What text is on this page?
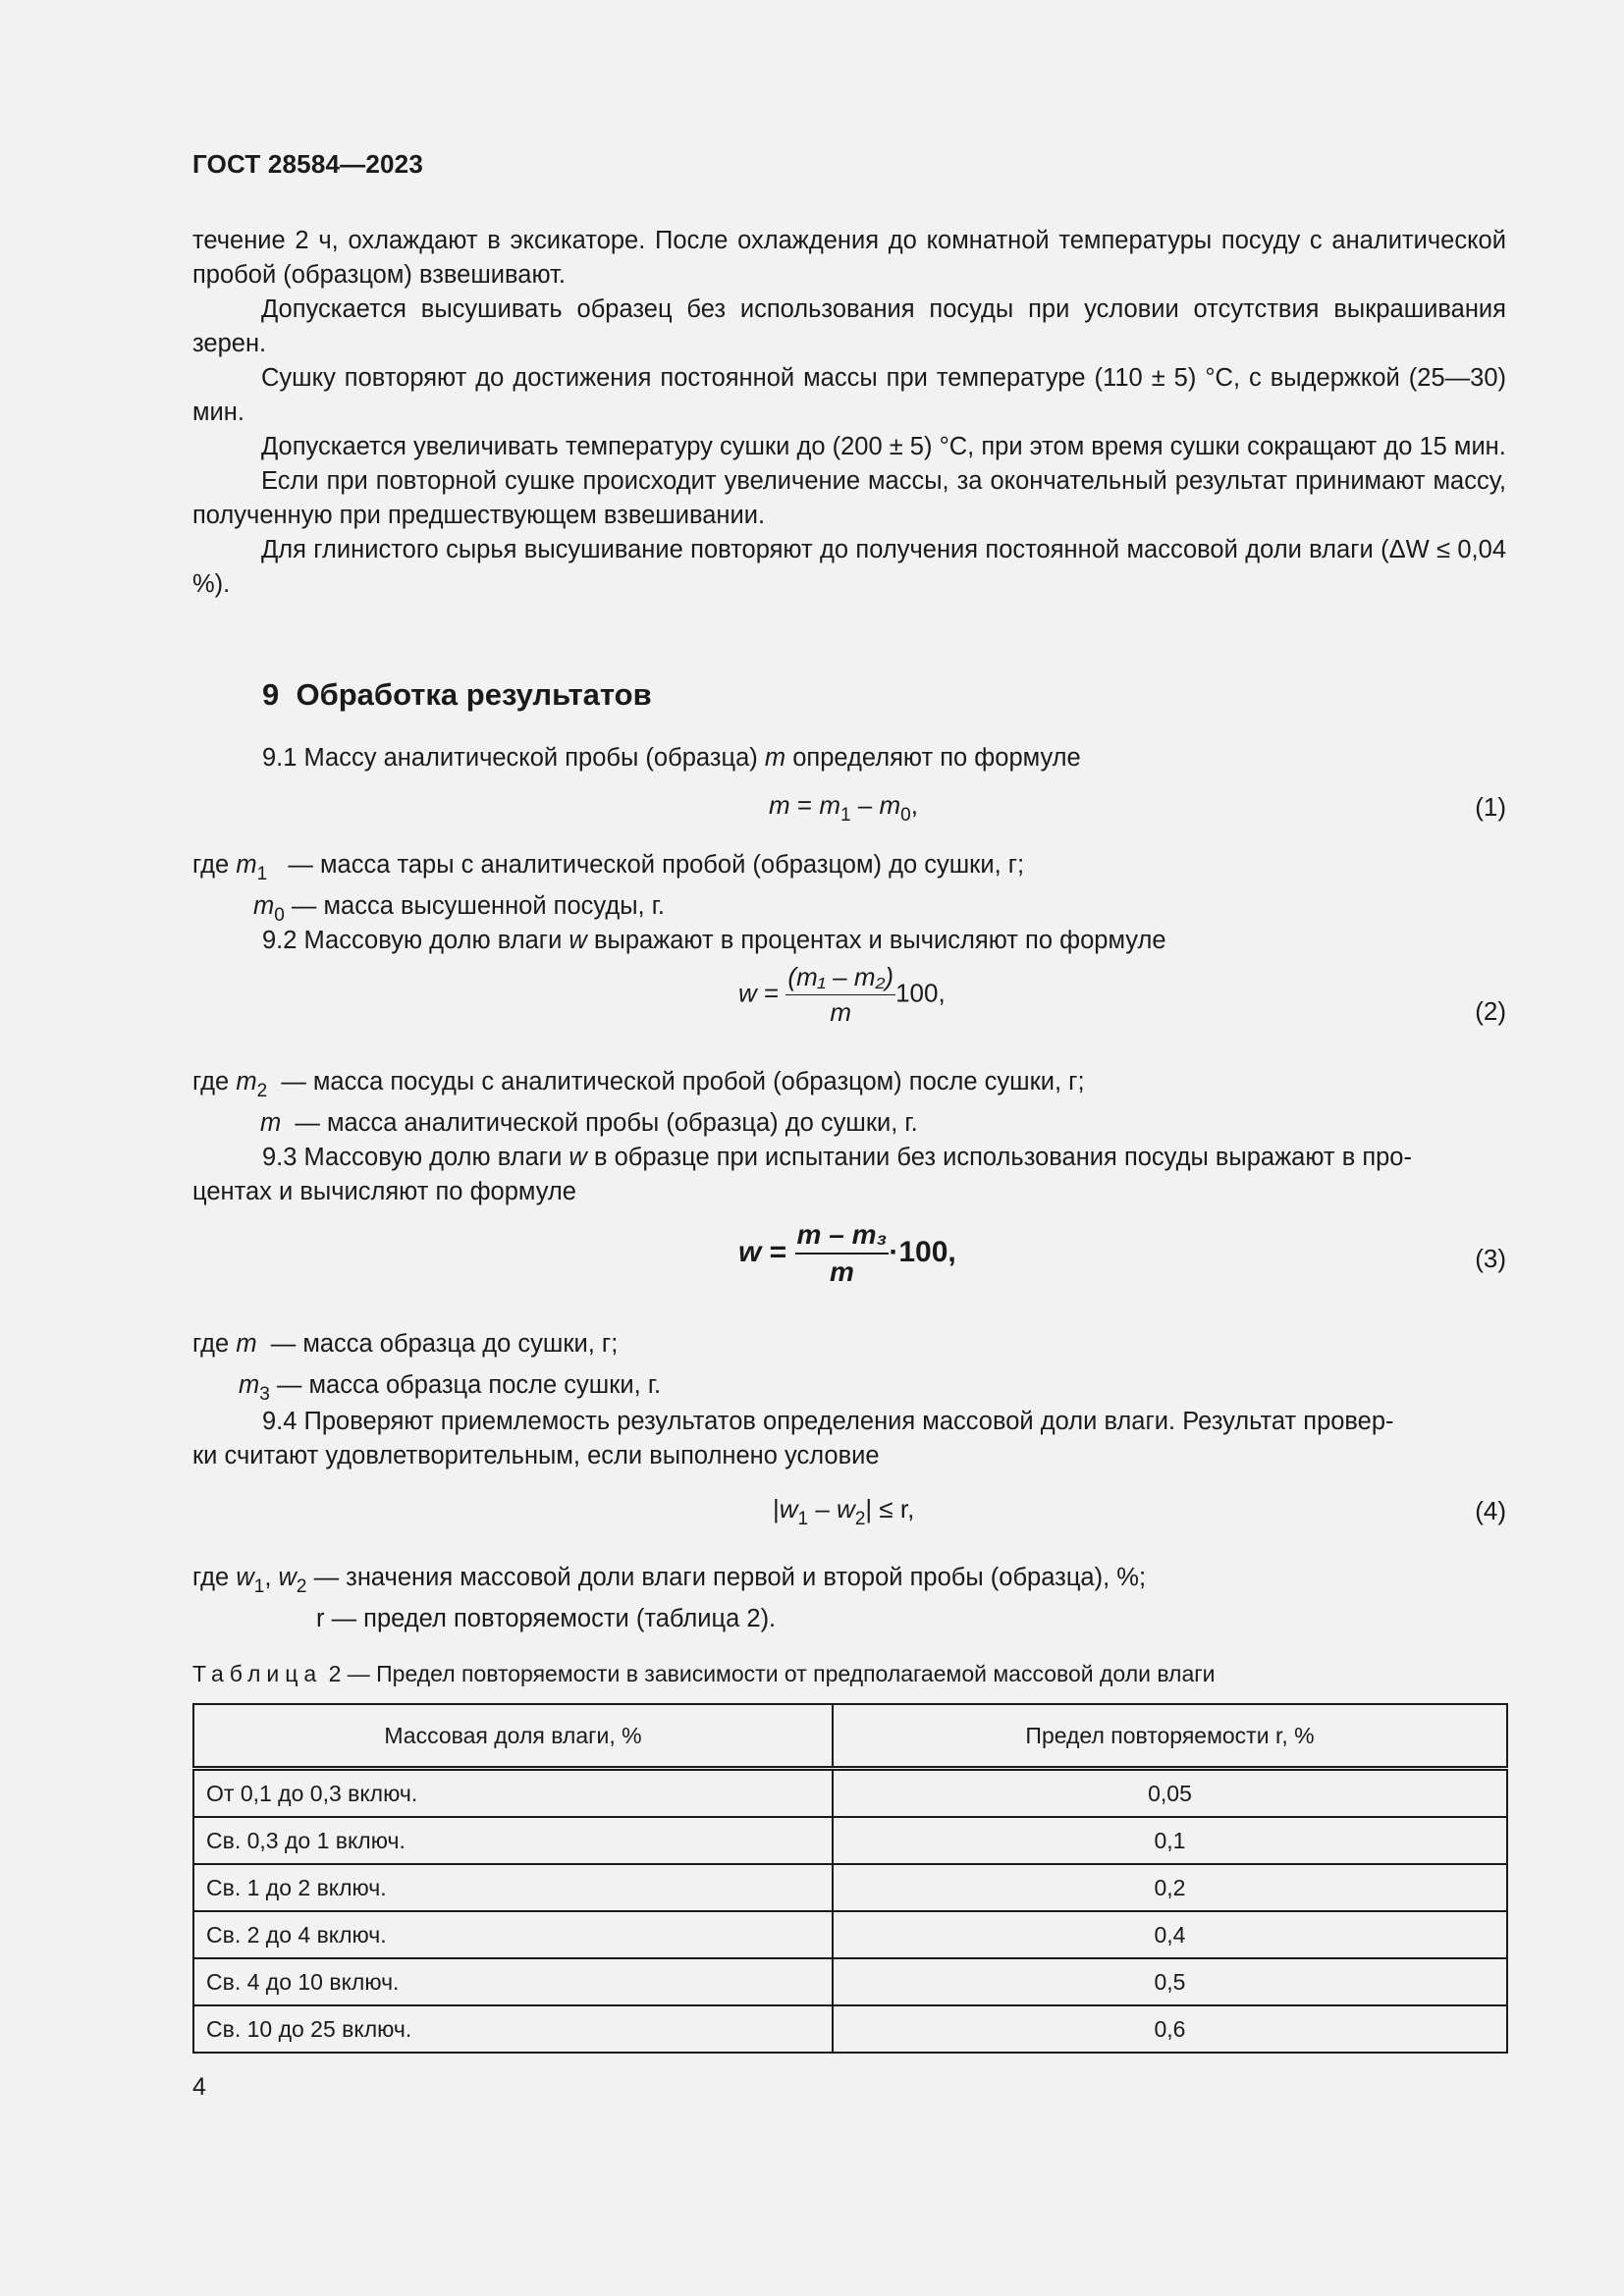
ГОСТ 28584—2023

течение 2 ч, охлаждают в эксикаторе. После охлаждения до комнатной температуры посуду с аналитической пробой (образцом) взвешивают.

Допускается высушивать образец без использования посуды при условии отсутствия выкрашивания зерен.

Сушку повторяют до достижения постоянной массы при температуре (110 ± 5) °С, с выдержкой (25—30) мин.

Допускается увеличивать температуру сушки до (200 ± 5) °С, при этом время сушки сокращают до 15 мин.

Если при повторной сушке происходит увеличение массы, за окончательный результат принимают массу, полученную при предшествующем взвешивании.

Для глинистого сырья высушивание повторяют до получения постоянной массовой доли влаги (ΔW ≤ 0,04 %).

9 Обработка результатов
9.1 Массу аналитической пробы (образца) m определяют по формуле
$m = m_1 - m_0$,	(1)
где $m_1$ — масса тары с аналитической пробой (образцом) до сушки, г;
$m_0$ — масса высушенной посуды, г.
9.2 Массовую долю влаги w выражают в процентах и вычисляют по формуле
$w = \frac{\text{(m₁ – m₂)}}{m} 100$,
(2)
где $m_2$ — масса посуды с аналитической пробой (образцом) после сушки, г;
m — масса аналитической пробы (образца) до сушки, г.
9.3 Массовую долю влаги w в образце при испытании без использования посуды выражают в про-
центах и вычисляют по формуле
$w = \frac{\text{m – m₃}}{m} \cdot 100$,	(3)
где m — масса образца до сушки, г;
$m_3$ — масса образца после сушки, г.
9.4 Проверяют приемлемость результатов определения массовой доли влаги. Результат провер-
ки считают удовлетворительным, если выполнено условие
$|w_1 - w_2| \le r$,	(4)
где $w_1$, $w_2$ — значения массовой доли влаги первой и второй пробы (образца), %;
r — предел повторяемости (таблица 2).
Таблица 2 — Предел повторяемости в зависимости от предполагаемой массовой доли влаги
Массовая доля влаги, %	Предел повторяемости r, %
От 0,1 до 0,3 включ.	0,05
Св. 0,3 до 1 включ.	0,1
Св. 1 до 2 включ.	0,2
Св. 2 до 4 включ.	0,4
Св. 4 до 10 включ.	0,5
Св. 10 до 25 включ.	0,6
4
